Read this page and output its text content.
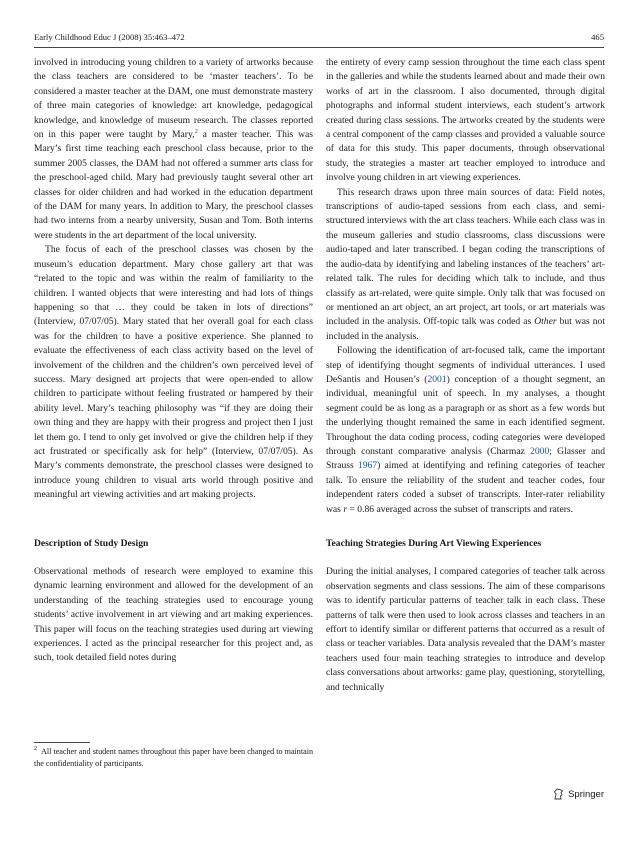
Early Childhood Educ J (2008) 35:463–472	465

involved in introducing young children to a variety of artworks because the class teachers are considered to be ‘master teachers’. To be considered a master teacher at the DAM, one must demonstrate mastery of three main categories of knowledge: art knowledge, pedagogical knowledge, and knowledge of museum research. The classes reported on in this paper were taught by Mary,$^2$ a master teacher. This was Mary’s first time teaching each preschool class because, prior to the summer 2005 classes, the DAM had not offered a summer arts class for the preschool-aged child. Mary had previously taught several other art classes for older children and had worked in the education department of the DAM for many years. In addition to Mary, the preschool classes had two interns from a nearby university, Susan and Tom. Both interns were students in the art department of the local university.

The focus of each of the preschool classes was chosen by the museum’s education department. Mary chose gallery art that was “related to the topic and was within the realm of familiarity to the children. I wanted objects that were interesting and had lots of things happening so that … they could be taken in lots of directions” (Interview, 07/07/05). Mary stated that her overall goal for each class was for the children to have a positive experience. She planned to evaluate the effectiveness of each class activity based on the level of involvement of the children and the children’s own perceived level of success. Mary designed art projects that were open-ended to allow children to participate without feeling frustrated or hampered by their ability level. Mary’s teaching philosophy was “if they are doing their own thing and they are happy with their progress and project then I just let them go. I tend to only get involved or give the children help if they act frustrated or specifically ask for help” (Interview, 07/07/05). As Mary’s comments demonstrate, the preschool classes were designed to introduce young children to visual arts world through positive and meaningful art viewing activities and art making projects.

Description of Study Design

Observational methods of research were employed to examine this dynamic learning environment and allowed for the development of an understanding of the teaching strategies used to encourage young students’ active involvement in art viewing and art making experiences. This paper will focus on the teaching strategies used during art viewing experiences. I acted as the principal researcher for this project and, as such, took detailed field notes during

$^2$ All teacher and student names throughout this paper have been changed to maintain the confidentiality of participants.

the entirety of every camp session throughout the time each class spent in the galleries and while the students learned about and made their own works of art in the classroom. I also documented, through digital photographs and informal student interviews, each student’s artwork created during class sessions. The artworks created by the students were a central component of the camp classes and provided a valuable source of data for this study. This paper documents, through observational study, the strategies a master art teacher employed to introduce and involve young children in art viewing experiences.

This research draws upon three main sources of data: Field notes, transcriptions of audio-taped sessions from each class, and semi-structured interviews with the art class teachers. While each class was in the museum galleries and studio classrooms, class discussions were audio-taped and later transcribed. I began coding the transcriptions of the audio-data by identifying and labeling instances of the teachers’ art-related talk. The rules for deciding which talk to include, and thus classify as art-related, were quite simple. Only talk that was focused on or mentioned an art object, an art project, art tools, or art materials was included in the analysis. Off-topic talk was coded as Other but was not included in the analysis.

Following the identification of art-focused talk, came the important step of identifying thought segments of individual utterances. I used DeSantis and Housen’s (2001) conception of a thought segment, an individual, meaningful unit of speech. In my analyses, a thought segment could be as long as a paragraph or as short as a few words but the underlying thought remained the same in each identified segment. Throughout the data coding process, coding categories were developed through constant comparative analysis (Charmaz 2000; Glasser and Strauss 1967) aimed at identifying and refining categories of teacher talk. To ensure the reliability of the student and teacher codes, four independent raters coded a subset of transcripts. Inter-rater reliability was r = 0.86 averaged across the subset of transcripts and raters.

Teaching Strategies During Art Viewing Experiences

During the initial analyses, I compared categories of teacher talk across observation segments and class sessions. The aim of these comparisons was to identify particular patterns of teacher talk in each class. These patterns of talk were then used to look across classes and teachers in an effort to identify similar or different patterns that occurred as a result of class or teacher variables. Data analysis revealed that the DAM’s master teachers used four main teaching strategies to introduce and develop class conversations about artworks: game play, questioning, storytelling, and technically

Springer
